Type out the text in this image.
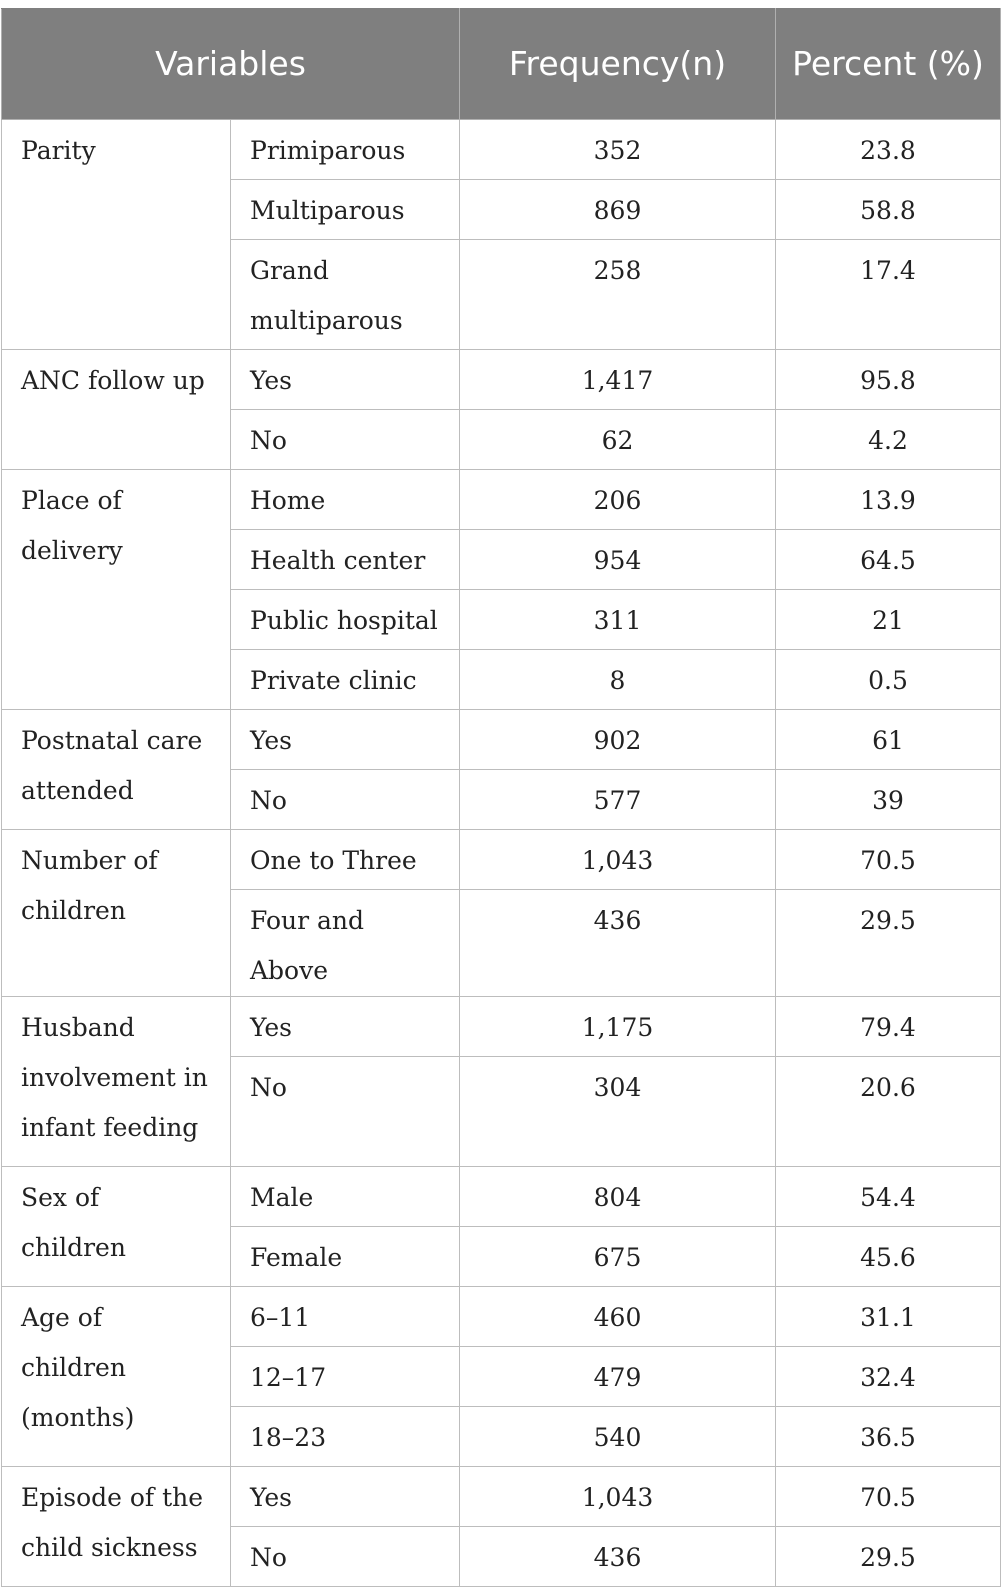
Variables		Frequency(n)	Percent (%)
Parity	Primiparous	352	23.8
	Multiparous	869	58.8
	Grand multiparous	258	17.4
ANC follow up	Yes	1,417	95.8
	No	62	4.2
Place of delivery	Home	206	13.9
	Health center	954	64.5
	Public hospital	311	21
	Private clinic	8	0.5
Postnatal care attended	Yes	902	61
	No	577	39
Number of children	One to Three	1,043	70.5
	Four and Above	436	29.5
Husband involvement in infant feeding	Yes	1,175	79.4
	No	304	20.6
Sex of children	Male	804	54.4
	Female	675	45.6
Age of children (months)	6–11	460	31.1
	12–17	479	32.4
	18–23	540	36.5
Episode of the child sickness	Yes	1,043	70.5
	No	436	29.5
